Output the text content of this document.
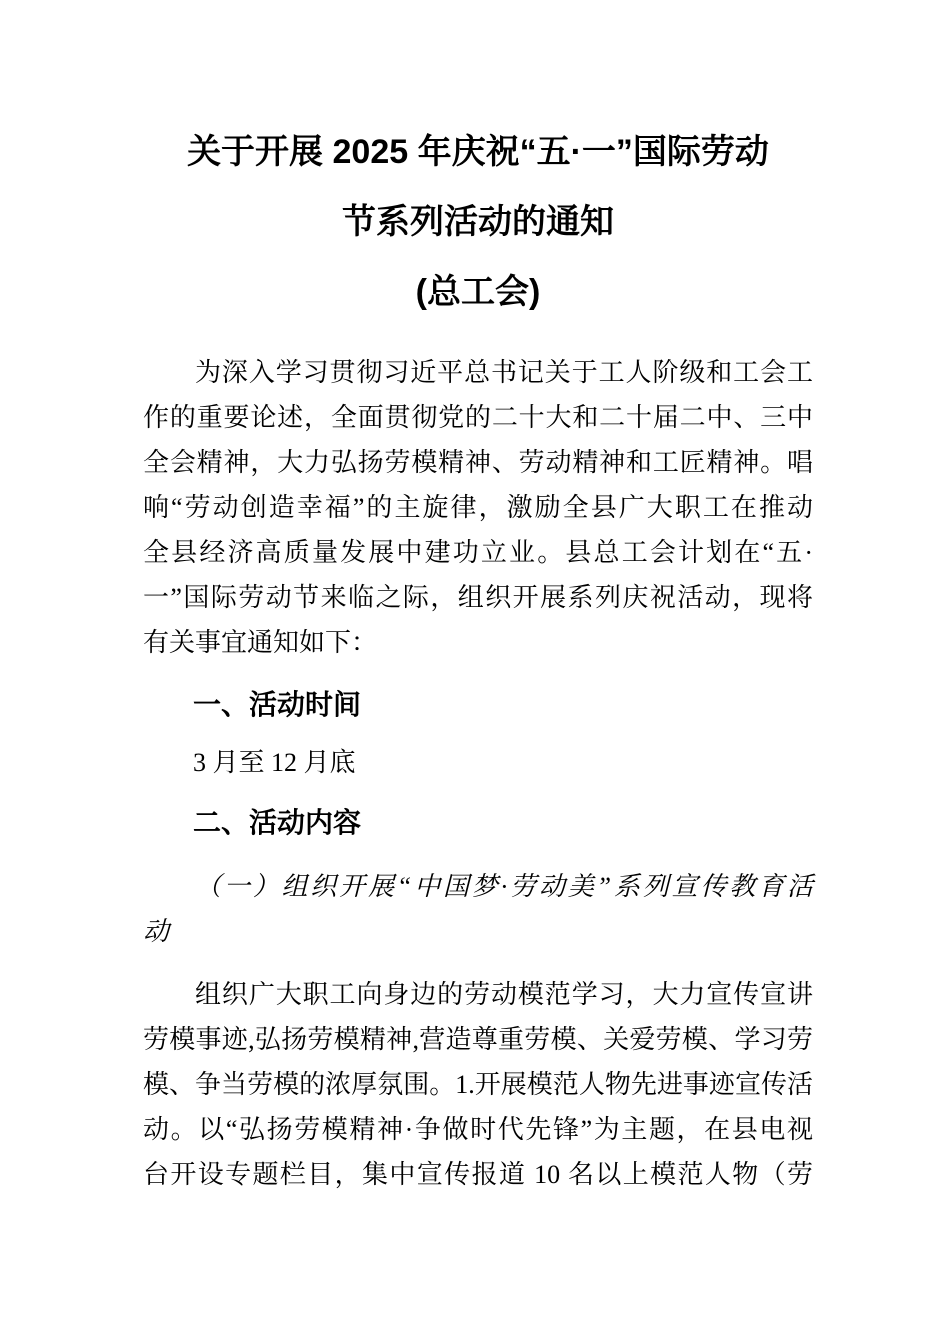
关于开展 2025 年庆祝“五·一”国际劳动
节系列活动的通知
(总工会)
为深入学习贯彻习近平总书记关于工人阶级和工会工
作的重要论述，全面贯彻党的二十大和二十届二中、三中
全会精神，大力弘扬劳模精神、劳动精神和工匠精神。唱
响“劳动创造幸福”的主旋律，激励全县广大职工在推动
全县经济高质量发展中建功立业。县总工会计划在“五·
一”国际劳动节来临之际，组织开展系列庆祝活动，现将
有关事宜通知如下：
一、活动时间
3 月至 12 月底
二、活动内容
（一）组织开展“中国梦·劳动美”系列宣传教育活
动
组织广大职工向身边的劳动模范学习，大力宣传宣讲
劳模事迹,弘扬劳模精神,营造尊重劳模、关爱劳模、学习劳
模、争当劳模的浓厚氛围。1.开展模范人物先进事迹宣传活
动。以“弘扬劳模精神·争做时代先锋”为主题，在县电视
台开设专题栏目，集中宣传报道 10 名以上模范人物（劳
